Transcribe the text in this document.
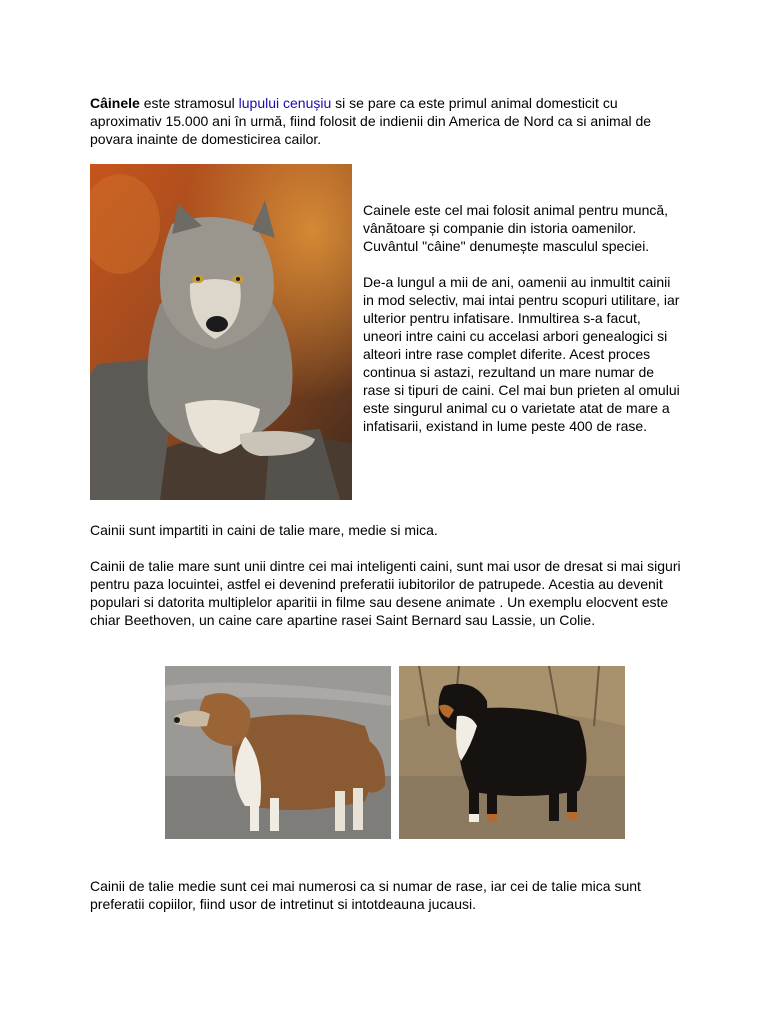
Câinele este stramosul lupului cenușiu si se pare ca este primul animal domesticit cu aproximativ 15.000 ani în urmă, fiind folosit de indienii din America de Nord ca si animal de povara inainte de domesticirea cailor.

Cainele este cel mai folosit animal pentru muncă, vânătoare și companie din istoria oamenilor. Cuvântul "câine" denumește masculul speciei.

De-a lungul a mii de ani, oamenii au inmultit cainii in mod selectiv, mai intai pentru scopuri utilitare, iar ulterior pentru infatisare. Inmultirea s-a facut, uneori intre caini cu accelasi arbori genealogici si alteori intre rase complet diferite. Acest proces continua si astazi, rezultand un mare numar de rase si tipuri de caini. Cel mai bun prieten al omului este singurul animal cu o varietate atat de mare a infatisarii, existand in lume peste 400 de rase.

Cainii sunt impartiti in caini de talie mare, medie si mica.

Cainii de talie mare sunt unii dintre cei mai inteligenti caini, sunt mai usor de dresat si mai siguri pentru paza locuintei, astfel ei devenind preferatii iubitorilor de patrupede. Acestia au devenit populari si datorita multiplelor aparitii in filme sau desene animate . Un exemplu elocvent este chiar Beethoven, un caine care apartine rasei Saint Bernard sau Lassie, un Colie.

Cainii de talie medie sunt cei mai numerosi ca si numar de rase, iar cei de talie mica sunt preferatii copiilor, fiind usor de intretinut si intotdeauna jucausi.
